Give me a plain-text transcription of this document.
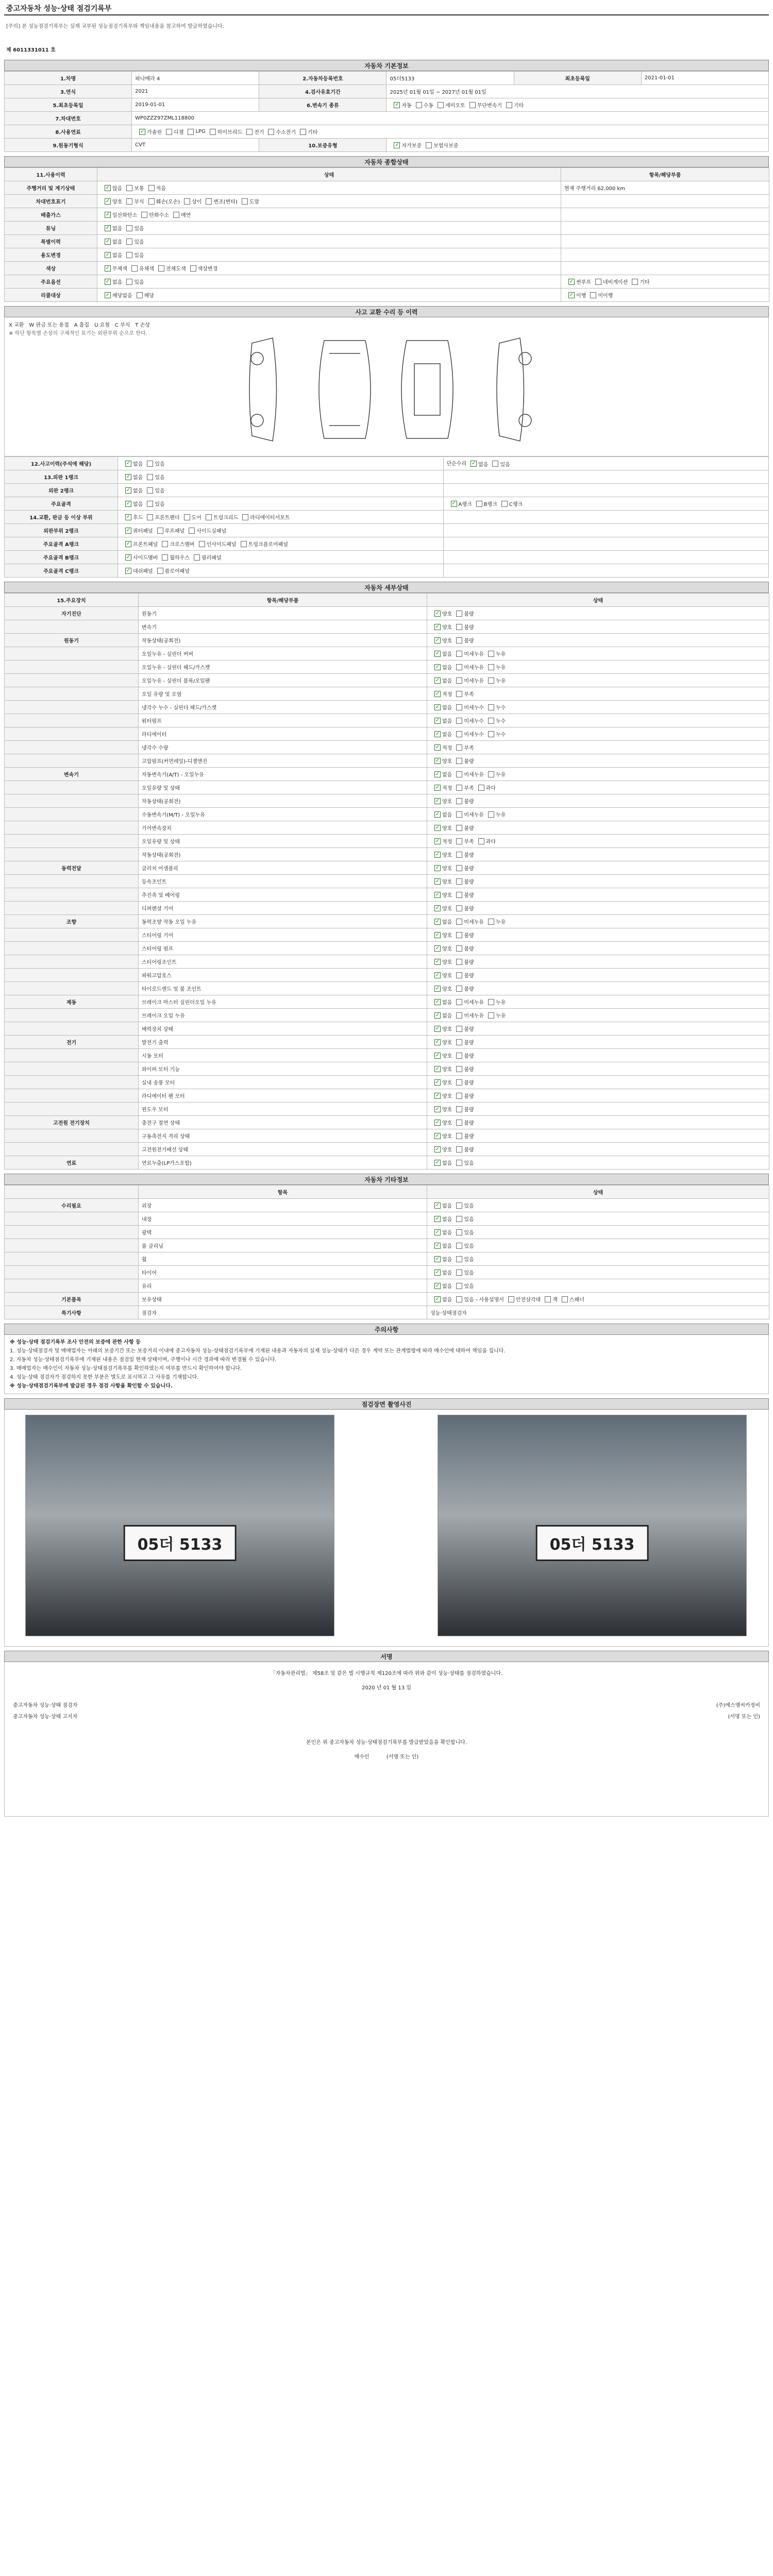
중고자동차 성능·상태 점검기록부
[주의] 본 성능점검기록부는 실제 교부된 성능점검기록부와 책임내용을 참고하여 발급하였습니다.
제 6011331011 호
자동차 기본정보
1.차명	파나메라 4	2.자동차등록번호	05더5133	최초등록일	2021-01-01
3.연식	2021	4.검사유효기간	2025년 01월 01일 ~ 2027년 01월 01일		
5.최초등록일	2019-01-01	6.변속기 종류	✓ 자동 수동 세미오토 무단변속기 기타		
7.차대번호	WP0ZZZ97ZML118800				
8.사용연료	✓ 가솔린 디젤 LPG 하이브리드 전기 수소전기 기타				
9.원동기형식	CVT	10.보증유형	✓ 자가보증 보험사보증		
자동차 종합상태
11.사용이력	상태	항목/해당부품
주행거리 및 계기상태	✓ 많음 보통 적음	현재 주행거리 62,000 km
차대번호표기	✓ 양호 부식 훼손(오손) 상이 변조(변타) 도말	
배출가스	✓ 일산화탄소 탄화수소 매연	
튜닝	✓ 없음 있음	
특별이력	✓ 없음 있음	
용도변경	✓ 없음 있음	
색상	✓ 무채색 유채색 전체도색 색상변경	
주요옵션	✓ 없음 있음	✓ 썬루프 네비게이션 기타
리콜대상	✓ 해당없음 해당	✓ 이행 미이행
사고 교환 수리 등 이력
X 교환 W 판금 또는 용접 A 흠집 U 요철 C 부식 T 손상
※ 하단 항목별 손상의 구체적인 표기는 외판부위 순으로 한다.
12.사고이력(주석에 해당)	✓ 없음 있음	단순수리 ✓ 없음 있음
13.외판 1랭크	✓ 없음 있음	
외판 2랭크	✓ 없음 있음	
주요골격	✓ 없음 있음	✓ A랭크 B랭크 C랭크
14.교환, 판금 등 이상 부위	✓ 후드 프론트펜더 도어 트렁크리드 라디에이터서포트	
외판부위 2랭크	✓ 쿼터패널 루프패널 사이드실패널	
주요골격 A랭크	✓ 프론트패널 크로스멤버 인사이드패널 트렁크플로어패널	
주요골격 B랭크	✓ 사이드멤버 휠하우스 필러패널	
주요골격 C랭크	✓ 대쉬패널 플로어패널	
자동차 세부상태
15.주요장치	항목/해당부품	상태
자기진단	원동기	✓ 양호 불량
	변속기	✓ 양호 불량
원동기	작동상태(공회전)	✓ 양호 불량
	오일누유 - 실린더 커버	✓ 없음 미세누유 누유
	오일누유 - 실린더 헤드/가스켓	✓ 없음 미세누유 누유
	오일누유 - 실린더 블록/오일팬	✓ 없음 미세누유 누유
	오일 유량 및 오염	✓ 적정 부족
	냉각수 누수 - 실린더 헤드/가스켓	✓ 없음 미세누수 누수
	워터펌프	✓ 없음 미세누수 누수
	라디에이터	✓ 없음 미세누수 누수
	냉각수 수량	✓ 적정 부족
	고압펌프(커먼레일)-디젤엔진	✓ 양호 불량
변속기	자동변속기(A/T) - 오일누유	✓ 없음 미세누유 누유
	오일유량 및 상태	✓ 적정 부족 과다
	작동상태(공회전)	✓ 양호 불량
	수동변속기(M/T) - 오일누유	✓ 없음 미세누유 누유
	기어변속장치	✓ 양호 불량
	오일유량 및 상태	✓ 적정 부족 과다
	작동상태(공회전)	✓ 양호 불량
동력전달	클러치 어셈블리	✓ 양호 불량
	등속조인트	✓ 양호 불량
	추진축 및 베어링	✓ 양호 불량
	디퍼렌셜 기어	✓ 양호 불량
조향	동력조향 작동 오일 누유	✓ 없음 미세누유 누유
	스티어링 기어	✓ 양호 불량
	스티어링 펌프	✓ 양호 불량
	스티어링조인트	✓ 양호 불량
	파워고압호스	✓ 양호 불량
	타이로드엔드 및 볼 조인트	✓ 양호 불량
제동	브레이크 마스터 실린더오일 누유	✓ 없음 미세누유 누유
	브레이크 오일 누유	✓ 없음 미세누유 누유
	배력장치 상태	✓ 양호 불량
전기	발전기 출력	✓ 양호 불량
	시동 모터	✓ 양호 불량
	와이퍼 모터 기능	✓ 양호 불량
	실내 송풍 모터	✓ 양호 불량
	라디에이터 팬 모터	✓ 양호 불량
	윈도우 모터	✓ 양호 불량
고전원 전기장치	충전구 절연 상태	✓ 양호 불량
	구동축전지 격리 상태	✓ 양호 불량
	고전원전기배선 상태	✓ 양호 불량
연료	연료누출(LP가스포함)	✓ 없음 있음
자동차 기타정보
	항목	상태
수리필요	외장	✓ 없음 있음
	내장	✓ 없음 있음
	광택	✓ 없음 있음
	룸 클리닝	✓ 없음 있음
	휠	✓ 없음 있음
	타이어	✓ 없음 있음
	유리	✓ 없음 있음
기본품목	보유상태	✓ 없음 있음 - 사용설명서 안전삼각대 잭 스패너
특기사항	점검자	성능·상태점검자
주의사항
※ 성능·상태 점검기록부 조사 안전의 보증에 관한 사항 등
1. 성능·상태점검자 및 매매업자는 아래의 보증기간 또는 보증거리 이내에 중고자동차 성능·상태점검기록부에 기재된 내용과 자동차의 실제 성능·상태가 다른 경우 계약 또는 관계법령에 따라 매수인에 대하여 책임을 집니다.
2. 자동차 성능·상태점검기록부에 기재된 내용은 점검일 현재 상태이며, 주행이나 시간 경과에 따라 변경될 수 있습니다.
3. 매매업자는 매수인이 자동차 성능·상태점검기록부를 확인하였는지 여부를 반드시 확인하여야 합니다.
4. 성능·상태 점검자가 점검하지 못한 부분은 별도로 표시하고 그 사유를 기재합니다.
※ 성능·상태점검기록부에 발급된 경우 점검 사항을 확인할 수 있습니다.
점검장면 촬영사진
05더 5133	05더 5133
서명
「자동차관리법」 제58조 및 같은 법 시행규칙 제120조에 따라 위와 같이 성능·상태를 점검하였습니다.
2020 년 01 월 13 일
중고자동차 성능·상태 점검자
중고자동차 성능·상태 고지자
(주)에스엠씨카정비
(서명 또는 인)
본인은 위 중고자동차 성능·상태점검기록부를 발급받았음을 확인합니다.
매수인	(서명 또는 인)
